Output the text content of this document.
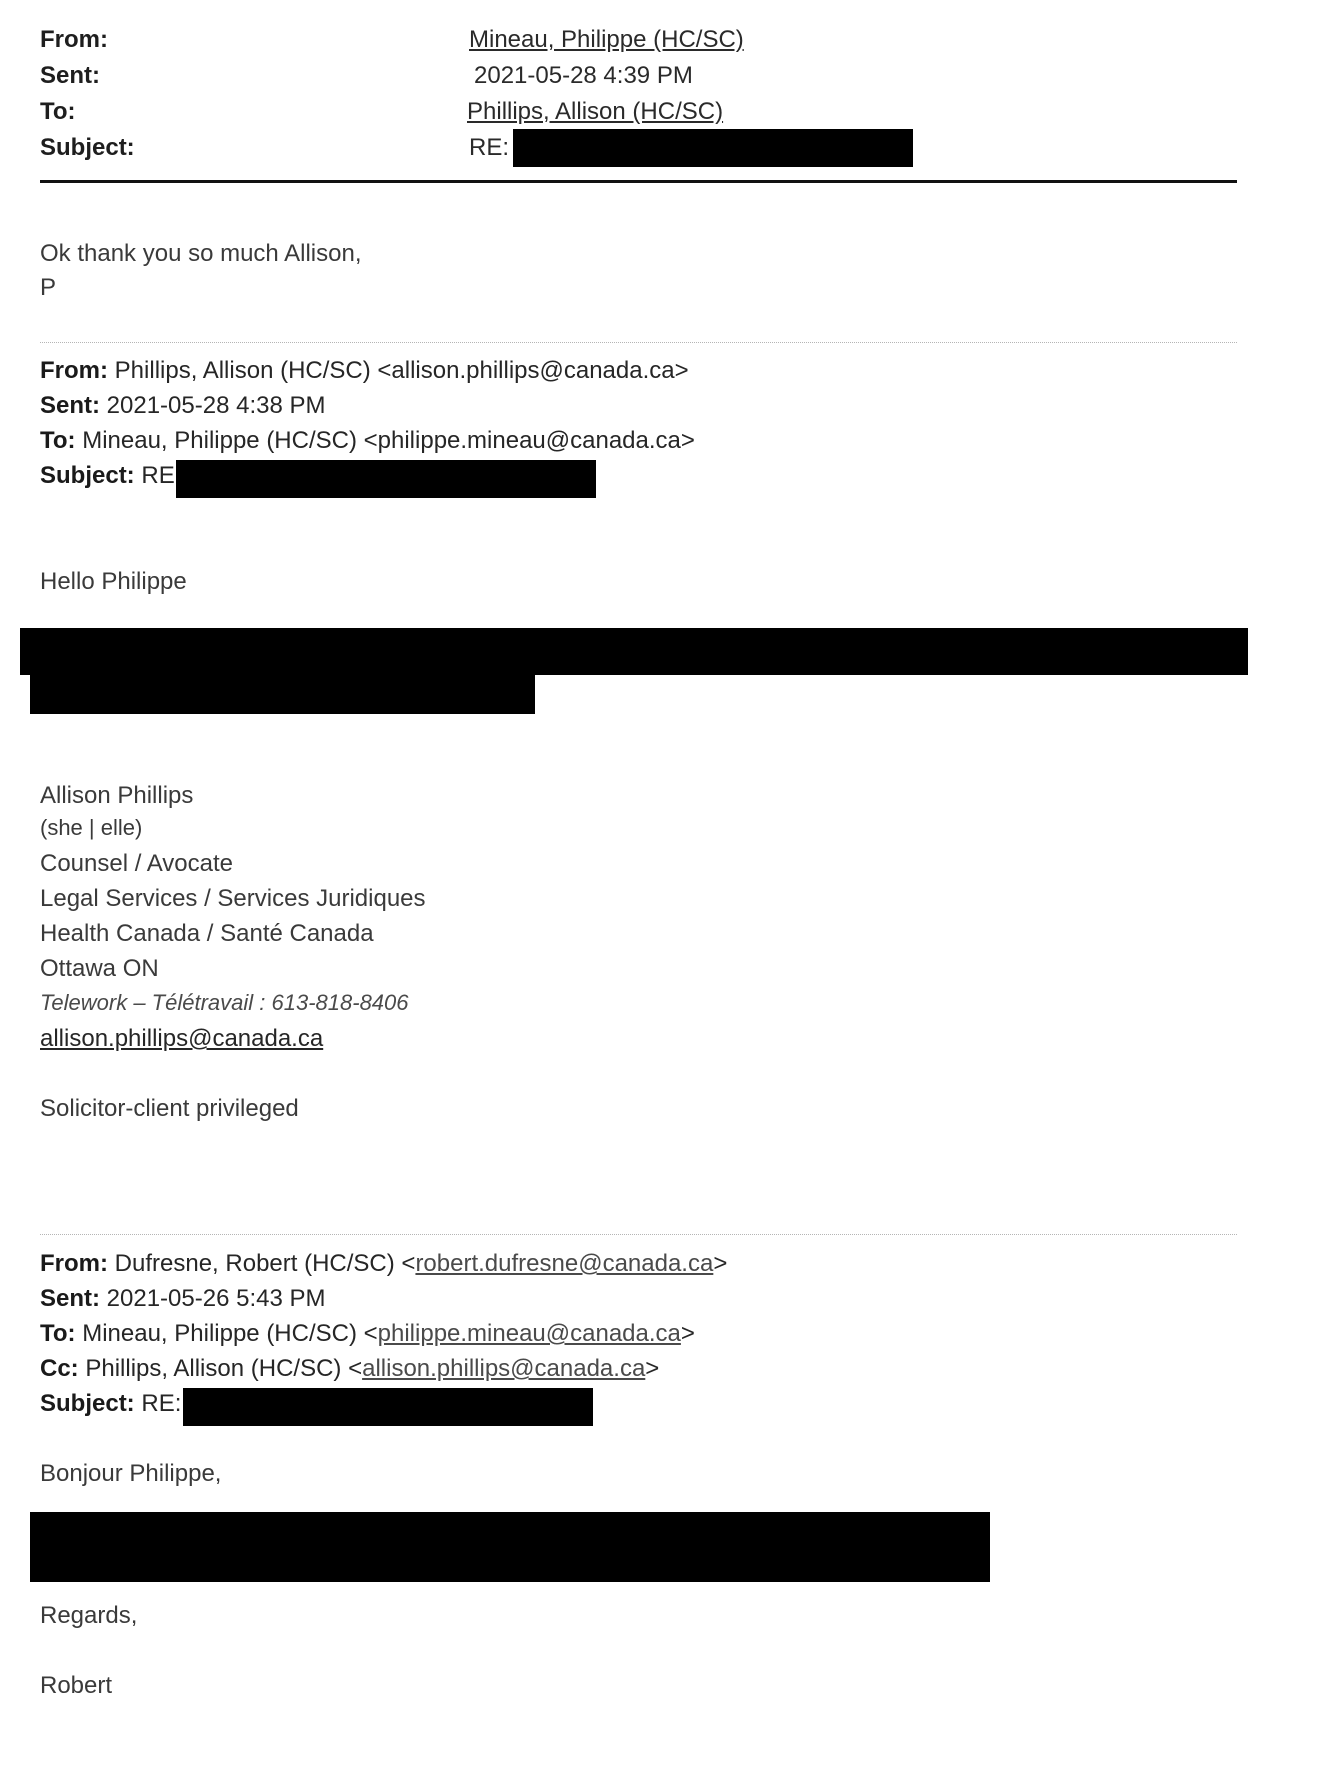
From:
Sent:
To:
Subject:
Mineau, Philippe (HC/SC)
2021-05-28 4:39 PM
Phillips, Allison (HC/SC)
RE:
Ok thank you so much Allison,
P
From: Phillips, Allison (HC/SC) <allison.phillips@canada.ca>
Sent: 2021-05-28 4:38 PM
To: Mineau, Philippe (HC/SC) <philippe.mineau@canada.ca>
Subject: RE
Hello Philippe
Allison Phillips
(she | elle)
Counsel / Avocate
Legal Services / Services Juridiques
Health Canada / Santé Canada
Ottawa ON
Telework – Télétravail : 613-818-8406
allison.phillips@canada.ca
Solicitor-client privileged
From: Dufresne, Robert (HC/SC) <robert.dufresne@canada.ca>
Sent: 2021-05-26 5:43 PM
To: Mineau, Philippe (HC/SC) <philippe.mineau@canada.ca>
Cc: Phillips, Allison (HC/SC) <allison.phillips@canada.ca>
Subject: RE:
Bonjour Philippe,
Regards,
Robert
